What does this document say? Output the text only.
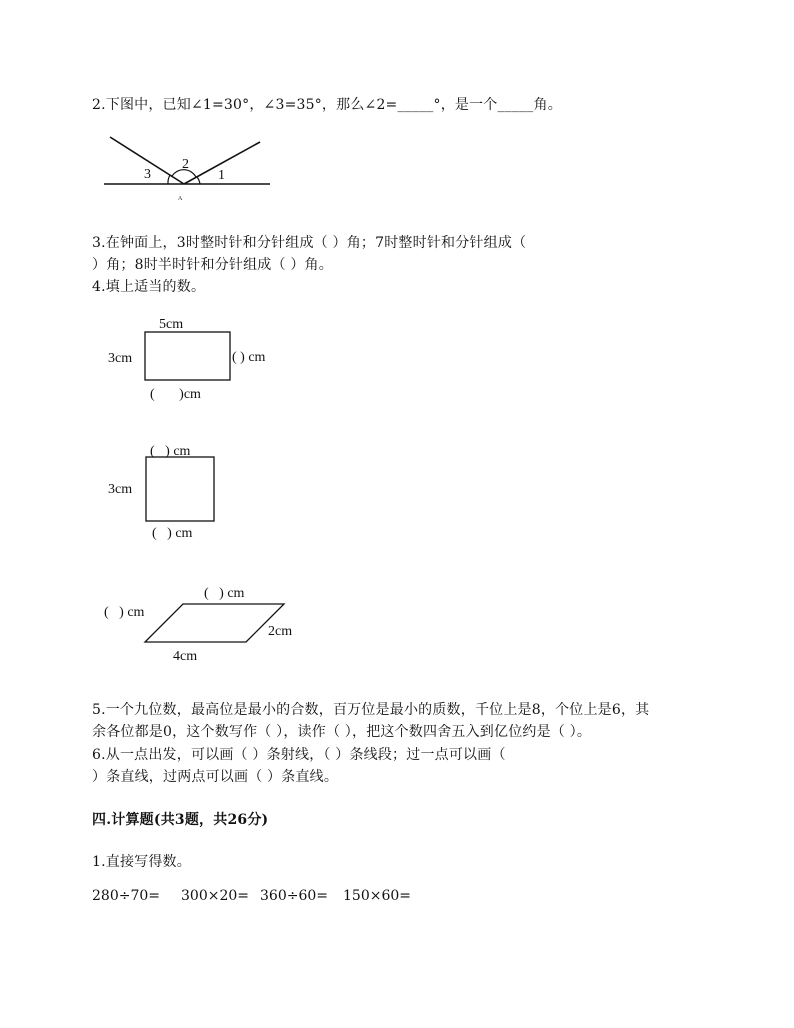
2.下图中，已知∠1=30°，∠3=35°，那么∠2=_____°，是一个_____角。
3
2
1
A
3.在钟面上，3时整时针和分针组成（ ）角；7时整时针和分针组成（
）角；8时半时针和分针组成（ ）角。
4.填上适当的数。
5cm
3cm	( ) cm
(       )cm
(   ) cm
3cm
(   ) cm
(   ) cm
(   ) cm
2cm
4cm
5.一个九位数，最高位是最小的合数，百万位是最小的质数，千位上是8，个位上是6，其
余各位都是0，这个数写作（ ），读作（ ），把这个数四舍五入到亿位约是（ ）。
6.从一点出发，可以画（ ）条射线，（ ）条线段；过一点可以画（
）条直线，过两点可以画（ ）条直线。
四.计算题(共3题，共26分)
1.直接写得数。
280÷70= 300×20= 360÷60= 150×60=
